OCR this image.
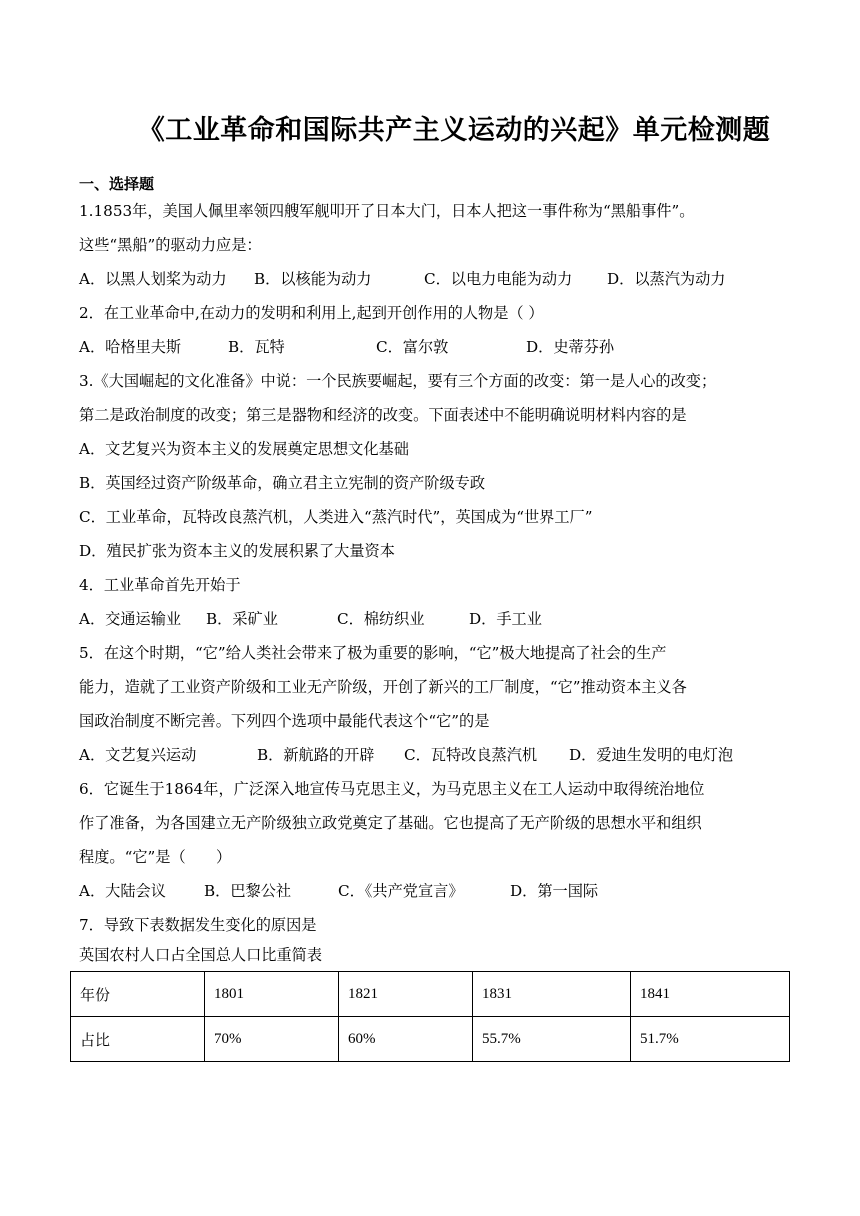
《工业革命和国际共产主义运动的兴起》单元检测题
一、选择题
1.1853年，美国人佩里率领四艘军舰叩开了日本大门，日本人把这一事件称为“黑船事件”。
这些“黑船”的驱动力应是：
A．以黑人划桨为动力	B．以核能为动力	C．以电力电能为动力	D．以蒸汽为动力
2．在工业革命中,在动力的发明和利用上,起到开创作用的人物是（ ）
A．哈格里夫斯	B．瓦特	C．富尔敦	D．史蒂芬孙
3.《大国崛起的文化准备》中说：一个民族要崛起，要有三个方面的改变：第一是人心的改变；
第二是政治制度的改变；第三是器物和经济的改变。下面表述中不能明确说明材料内容的是
A．文艺复兴为资本主义的发展奠定思想文化基础
B．英国经过资产阶级革命，确立君主立宪制的资产阶级专政
C．工业革命，瓦特改良蒸汽机，人类进入“蒸汽时代”，英国成为“世界工厂”
D．殖民扩张为资本主义的发展积累了大量资本
4．工业革命首先开始于
A．交通运输业	B．采矿业	C．棉纺织业	D．手工业
5．在这个时期，“它”给人类社会带来了极为重要的影响，“它”极大地提高了社会的生产
能力，造就了工业资产阶级和工业无产阶级，开创了新兴的工厂制度，“它”推动资本主义各
国政治制度不断完善。下列四个选项中最能代表这个“它”的是
A．文艺复兴运动	B．新航路的开辟	C．瓦特改良蒸汽机	D．爱迪生发明的电灯泡
6．它诞生于1864年，广泛深入地宣传马克思主义，为马克思主义在工人运动中取得统治地位
作了准备，为各国建立无产阶级独立政党奠定了基础。它也提高了无产阶级的思想水平和组织
程度。“它”是（　　）
A．大陆会议	B．巴黎公社	C．《共产党宣言》	D．第一国际
7．导致下表数据发生变化的原因是
英国农村人口占全国总人口比重简表
年份	1801	1821	1831	1841
占比	70%	60%	55.7%	51.7%
